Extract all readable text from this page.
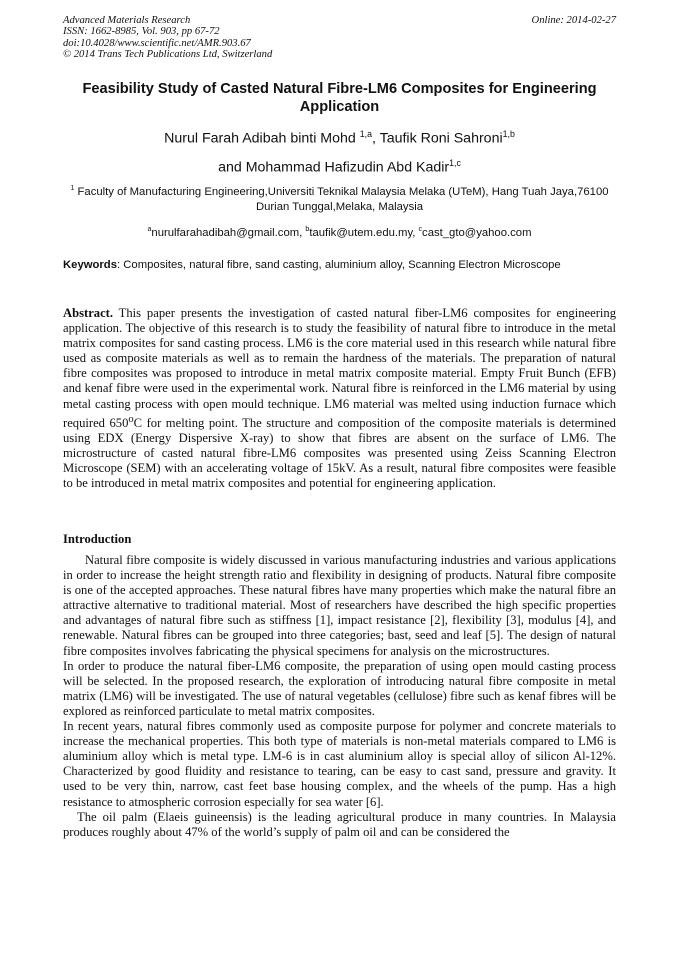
Advanced Materials Research
ISSN: 1662-8985, Vol. 903, pp 67-72
doi:10.4028/www.scientific.net/AMR.903.67
© 2014 Trans Tech Publications Ltd, Switzerland
Online: 2014-02-27
Feasibility Study of Casted Natural Fibre-LM6 Composites for Engineering Application
Nurul Farah Adibah binti Mohd $^{1,a}$, Taufik Roni Sahroni$^{1,b}$
and Mohammad Hafizudin Abd Kadir$^{1,c}$
$^1$ Faculty of Manufacturing Engineering,Universiti Teknikal Malaysia Melaka (UTeM), Hang Tuah Jaya,76100 Durian Tunggal,Melaka, Malaysia
$^a$nurulfarahadibah@gmail.com, $^b$taufik@utem.edu.my, $^c$cast_gto@yahoo.com
Keywords: Composites, natural fibre, sand casting, aluminium alloy, Scanning Electron Microscope
Abstract. This paper presents the investigation of casted natural fiber-LM6 composites for engineering application. The objective of this research is to study the feasibility of natural fibre to introduce in the metal matrix composites for sand casting process. LM6 is the core material used in this research while natural fibre used as composite materials as well as to remain the hardness of the materials. The preparation of natural fibre composites was proposed to introduce in metal matrix composite material. Empty Fruit Bunch (EFB) and kenaf fibre were used in the experimental work. Natural fibre is reinforced in the LM6 material by using metal casting process with open mould technique. LM6 material was melted using induction furnace which required 650$^o$C for melting point. The structure and composition of the composite materials is determined using EDX (Energy Dispersive X-ray) to show that fibres are absent on the surface of LM6. The microstructure of casted natural fibre-LM6 composites was presented using Zeiss Scanning Electron Microscope (SEM) with an accelerating voltage of 15kV. As a result, natural fibre composites were feasible to be introduced in metal matrix composites and potential for engineering application.
Introduction

Natural fibre composite is widely discussed in various manufacturing industries and various applications in order to increase the height strength ratio and flexibility in designing of products. Natural fibre composite is one of the accepted approaches. These natural fibres have many properties which make the natural fibre an attractive alternative to traditional material. Most of researchers have described the high specific properties and advantages of natural fibre such as stiffness [1], impact resistance [2], flexibility [3], modulus [4], and renewable. Natural fibres can be grouped into three categories; bast, seed and leaf [5]. The design of natural fibre composites involves fabricating the physical specimens for analysis on the microstructures.

In order to produce the natural fiber-LM6 composite, the preparation of using open mould casting process will be selected. In the proposed research, the exploration of introducing natural fibre composite in metal matrix (LM6) will be investigated. The use of natural vegetables (cellulose) fibre such as kenaf fibres will be explored as reinforced particulate to metal matrix composites.

In recent years, natural fibres commonly used as composite purpose for polymer and concrete materials to increase the mechanical properties. This both type of materials is non-metal materials compared to LM6 is aluminium alloy which is metal type. LM-6 is in cast aluminium alloy is special alloy of silicon Al-12%. Characterized by good fluidity and resistance to tearing, can be easy to cast sand, pressure and gravity. It used to be very thin, narrow, cast feet base housing complex, and the wheels of the pump. Has a high resistance to atmospheric corrosion especially for sea water [6].

The oil palm (Elaeis guineensis) is the leading agricultural produce in many countries. In Malaysia produces roughly about 47% of the world’s supply of palm oil and can be considered the
